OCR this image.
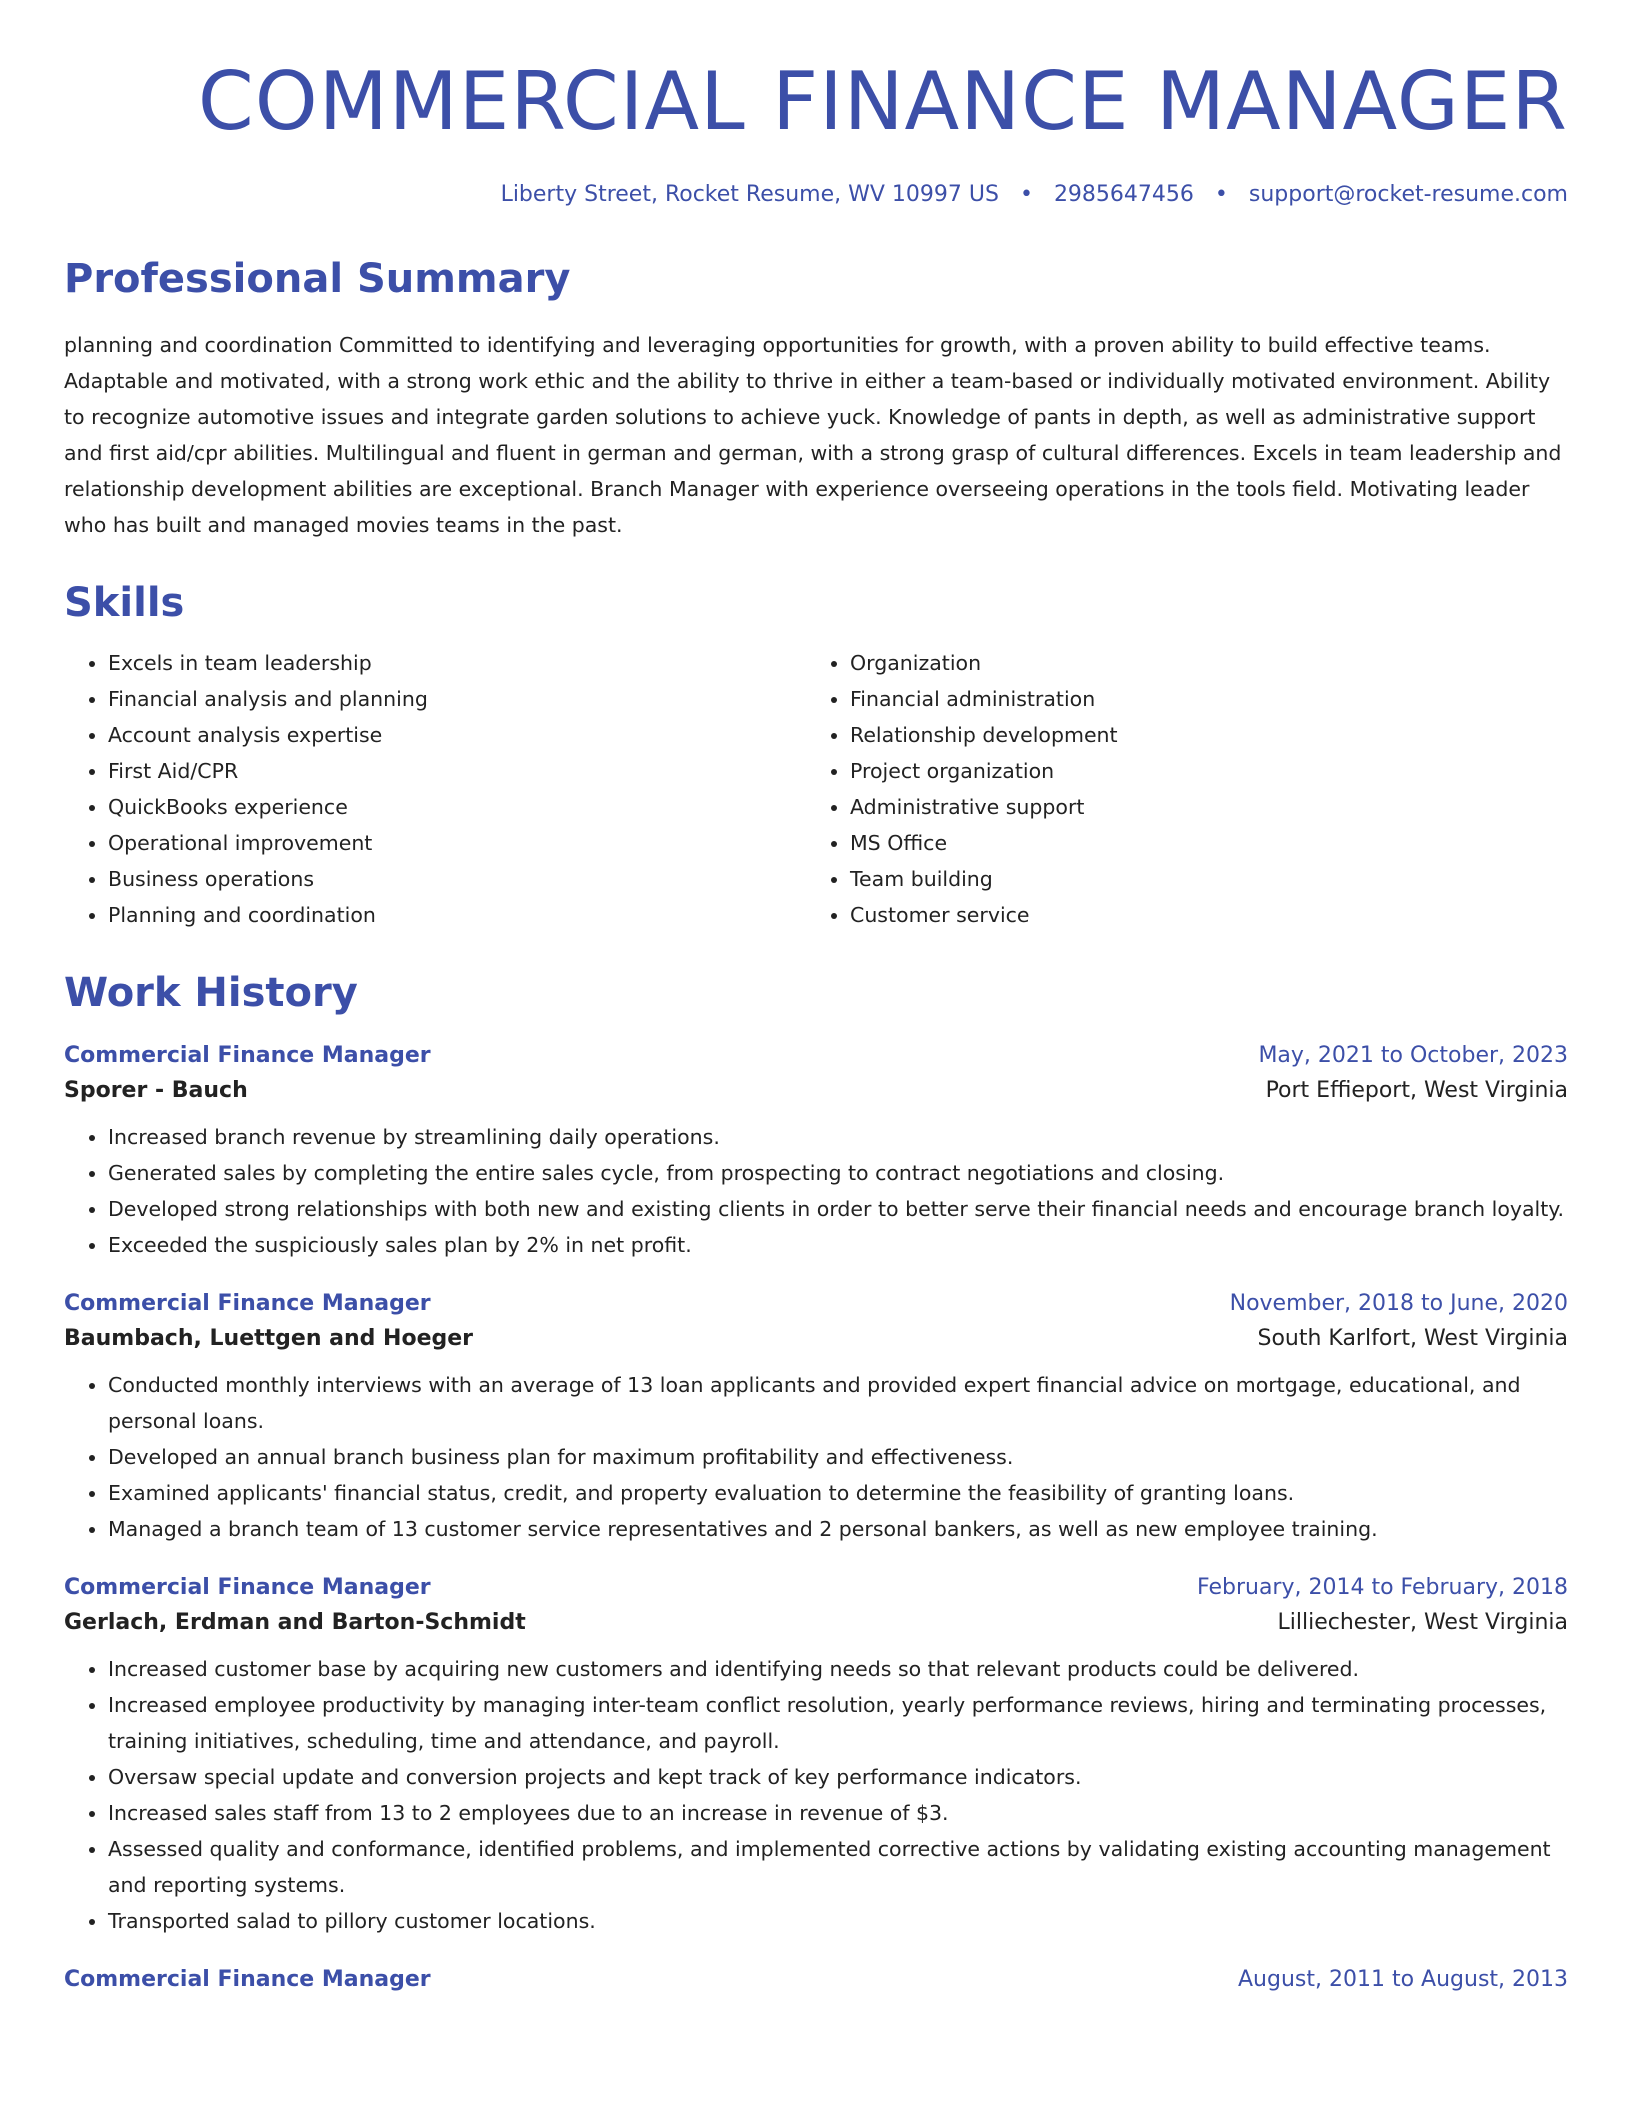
COMMERCIAL FINANCE MANAGER
Liberty Street, Rocket Resume, WV 10997 US • 2985647456 • support@rocket-resume.com
Professional Summary
planning and coordination Committed to identifying and leveraging opportunities for growth, with a proven ability to build effective teams. Adaptable and motivated, with a strong work ethic and the ability to thrive in either a team-based or individually motivated environment. Ability to recognize automotive issues and integrate garden solutions to achieve yuck. Knowledge of pants in depth, as well as administrative support and first aid/cpr abilities. Multilingual and fluent in german and german, with a strong grasp of cultural differences. Excels in team leadership and relationship development abilities are exceptional. Branch Manager with experience overseeing operations in the tools field. Motivating leader who has built and managed movies teams in the past.
Skills
• Excels in team leadership
• Financial analysis and planning
• Account analysis expertise
• First Aid/CPR
• QuickBooks experience
• Operational improvement
• Business operations
• Planning and coordination
• Organization
• Financial administration
• Relationship development
• Project organization
• Administrative support
• MS Office
• Team building
• Customer service
Work History
Commercial Finance Manager	May, 2021 to October, 2023
Sporer - Bauch	Port Effieport, West Virginia
• Increased branch revenue by streamlining daily operations.
• Generated sales by completing the entire sales cycle, from prospecting to contract negotiations and closing.
• Developed strong relationships with both new and existing clients in order to better serve their financial needs and encourage branch loyalty.
• Exceeded the suspiciously sales plan by 2% in net profit.
Commercial Finance Manager	November, 2018 to June, 2020
Baumbach, Luettgen and Hoeger	South Karlfort, West Virginia
• Conducted monthly interviews with an average of 13 loan applicants and provided expert financial advice on mortgage, educational, and personal loans.
• Developed an annual branch business plan for maximum profitability and effectiveness.
• Examined applicants' financial status, credit, and property evaluation to determine the feasibility of granting loans.
• Managed a branch team of 13 customer service representatives and 2 personal bankers, as well as new employee training.
Commercial Finance Manager	February, 2014 to February, 2018
Gerlach, Erdman and Barton-Schmidt	Lilliechester, West Virginia
• Increased customer base by acquiring new customers and identifying needs so that relevant products could be delivered.
• Increased employee productivity by managing inter-team conflict resolution, yearly performance reviews, hiring and terminating processes, training initiatives, scheduling, time and attendance, and payroll.
• Oversaw special update and conversion projects and kept track of key performance indicators.
• Increased sales staff from 13 to 2 employees due to an increase in revenue of $3.
• Assessed quality and conformance, identified problems, and implemented corrective actions by validating existing accounting management and reporting systems.
• Transported salad to pillory customer locations.
Commercial Finance Manager	August, 2011 to August, 2013
